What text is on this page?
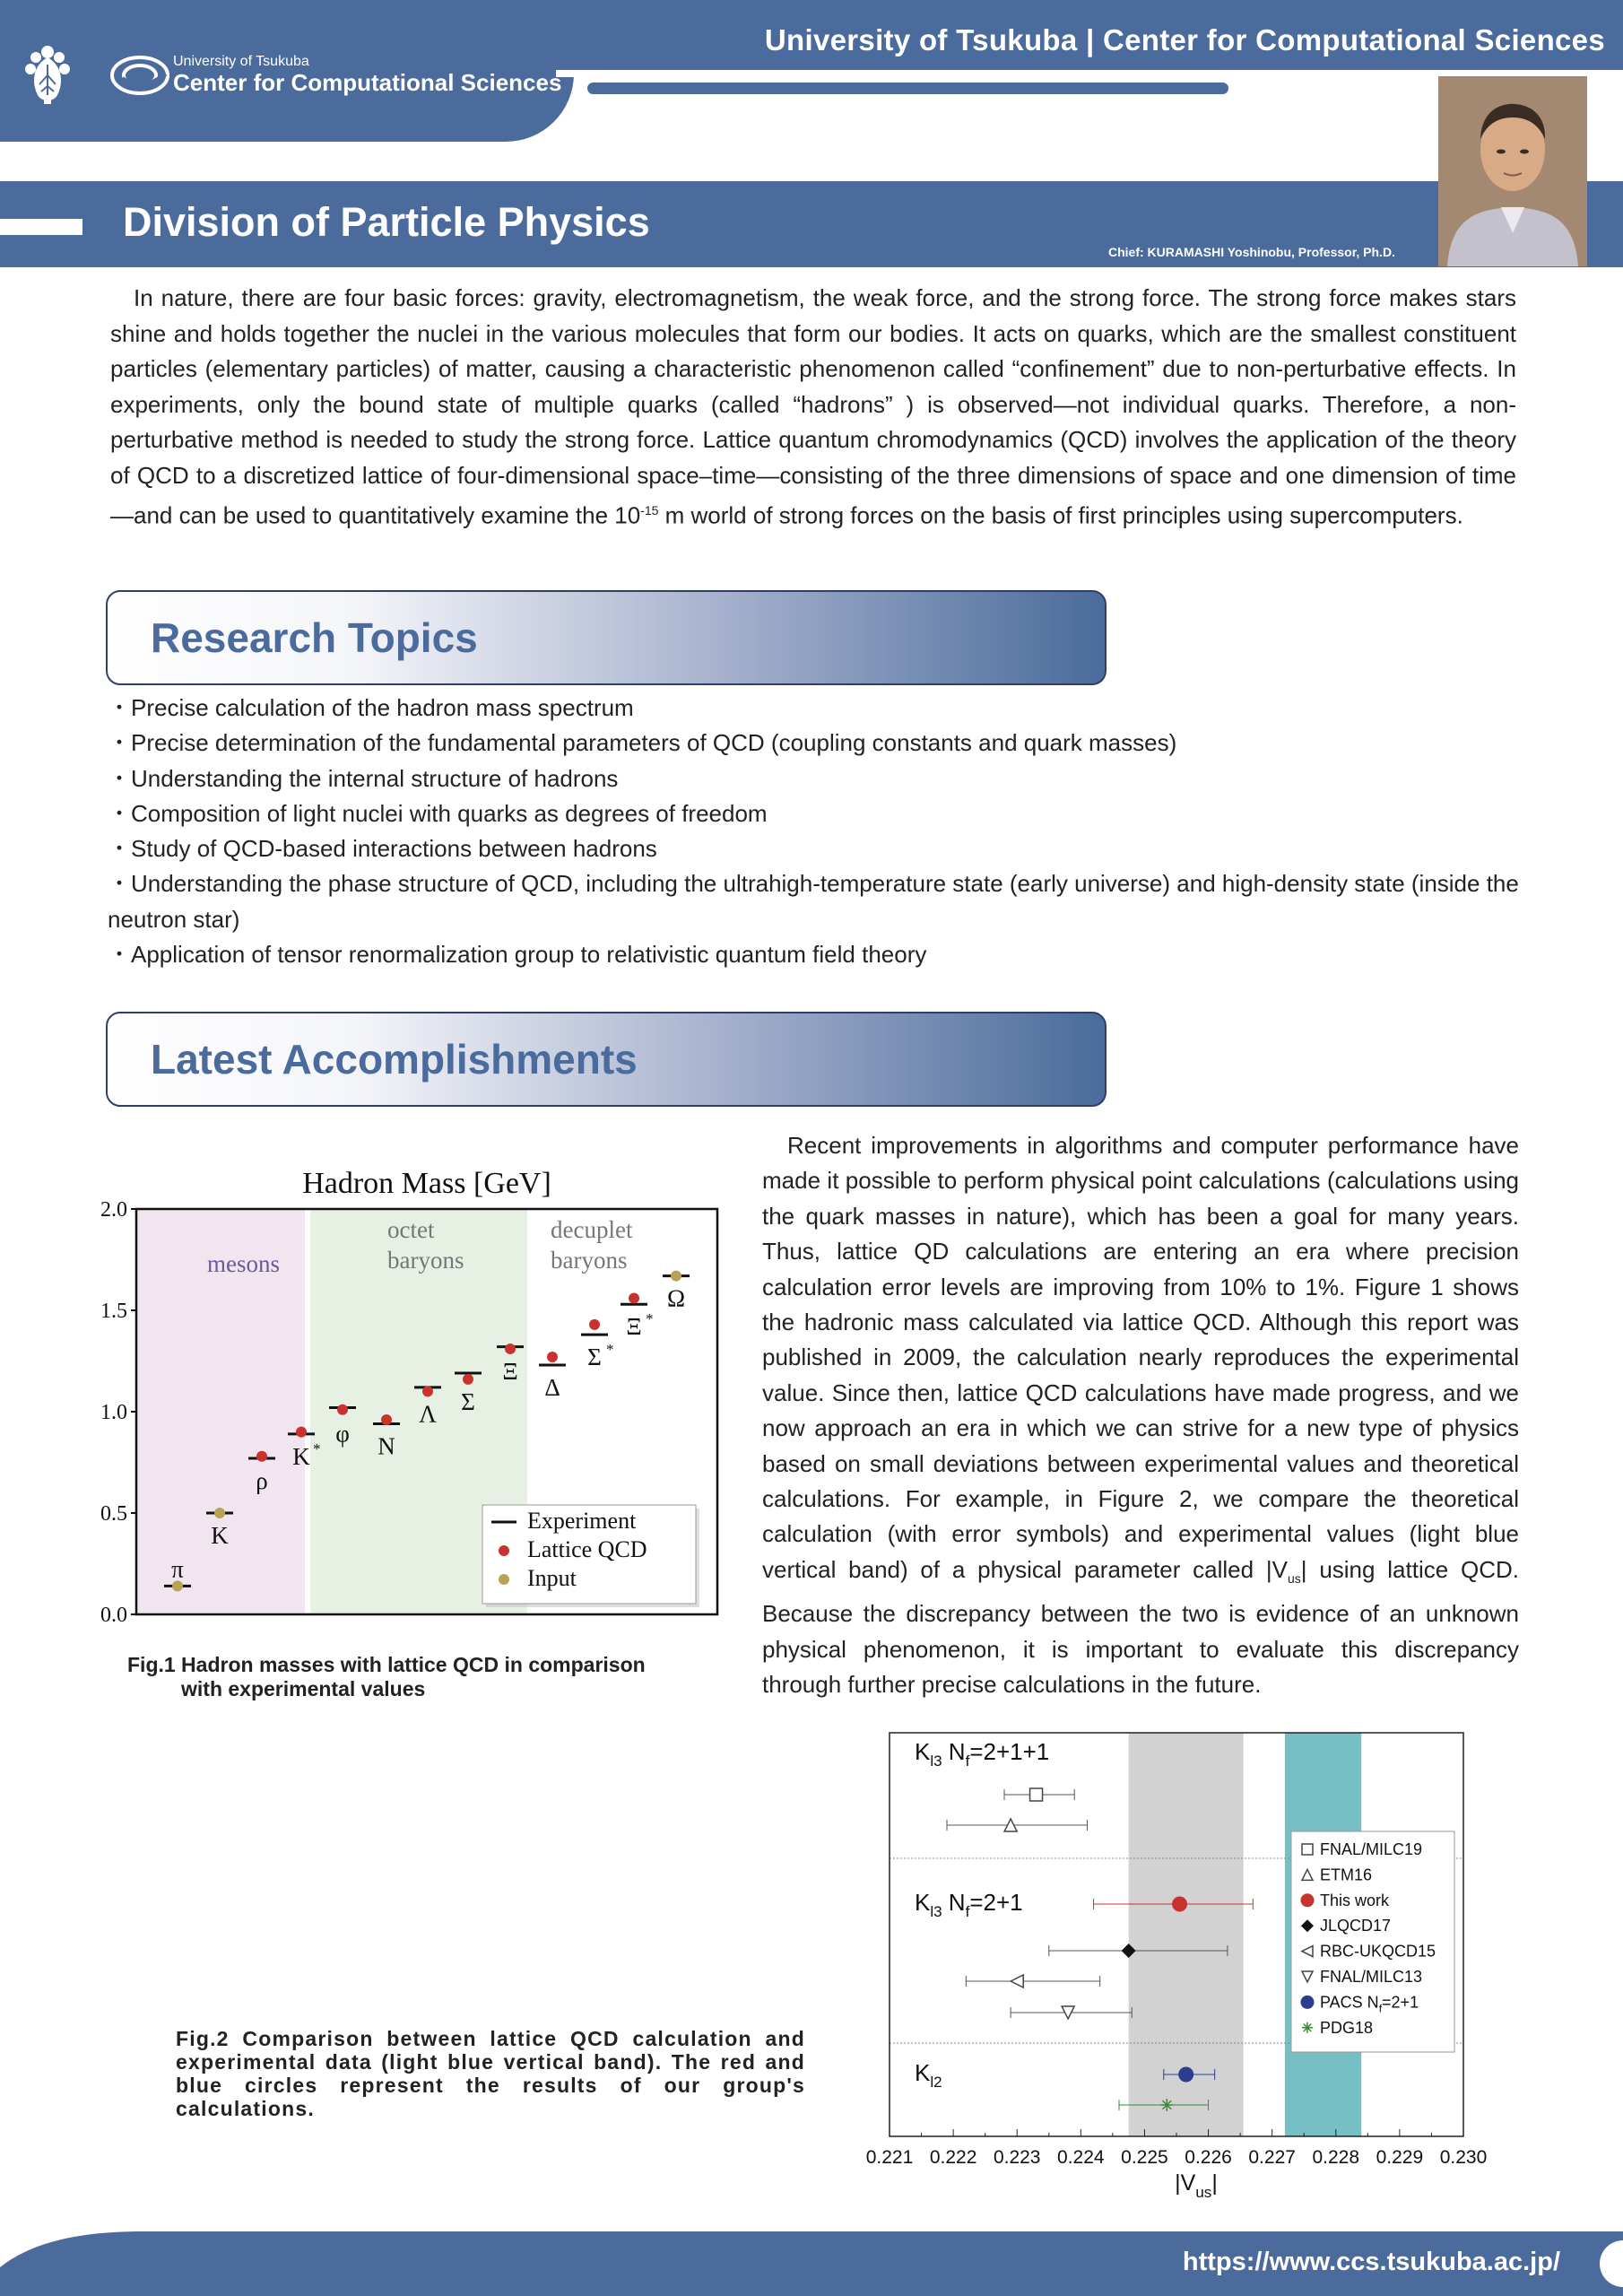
University of Tsukuba | Center for Computational Sciences
University of Tsukuba
Center for Computational Sciences
Division of Particle Physics
Chief: KURAMASHI Yoshinobu, Professor, Ph.D.

In nature, there are four basic forces: gravity, electromagnetism, the weak force, and the strong force. The strong force makes stars shine and holds together the nuclei in the various molecules that form our bodies. It acts on quarks, which are the smallest constituent particles (elementary particles) of matter, causing a characteristic phenomenon called “confinement” due to non-perturbative effects. In experiments, only the bound state of multiple quarks (called “hadrons” ) is observed—not individual quarks. Therefore, a non-perturbative method is needed to study the strong force. Lattice quantum chromodynamics (QCD) involves the application of the theory of QCD to a discretized lattice of four-dimensional space–time—consisting of the three dimensions of space and one dimension of time—and can be used to quantitatively examine the $10^{-15}$ m world of strong forces on the basis of first principles using supercomputers.

Research Topics
・Precise calculation of the hadron mass spectrum
・Precise determination of the fundamental parameters of QCD (coupling constants and quark masses)
・Understanding the internal structure of hadrons
・Composition of light nuclei with quarks as degrees of freedom
・Study of QCD-based interactions between hadrons
・Understanding the phase structure of QCD, including the ultrahigh-temperature state (early universe) and high-density state (inside the neutron star)
・Application of tensor renormalization group to relativistic quantum field theory
Latest Accomplishments

Recent improvements in algorithms and computer performance have made it possible to perform physical point calculations (calculations using the quark masses in nature), which has been a goal for many years. Thus, lattice QD calculations are entering an era where precision calculation error levels are improving from 10% to 1%. Figure 1 shows the hadronic mass calculated via lattice QCD. Although this report was published in 2009, the calculation nearly reproduces the experimental value. Since then, lattice QCD calculations have made progress, and we now approach an era in which we can strive for a new type of physics based on small deviations between experimental values and theoretical calculations. For example, in Figure 2, we compare the theoretical calculation (with error symbols) and experimental values (light blue vertical band) of a physical parameter called $|V_{us}|$ using lattice QCD. Because the discrepancy between the two is evidence of an unknown physical phenomenon, it is important to evaluate this discrepancy through further precise calculations in the future.

Hadron Mass [GeV]
mesons
octet
baryons
decuplet
baryons
0.0
0.5
1.0
1.5
2.0
π
K
ρ
K *
φ N
Λ Σ
Ξ
Δ
Σ *
Ξ *
Ω
Experiment
Lattice QCD
Input
Fig.1 Hadron masses with lattice QCD in comparison
with experimental values
$K_{l3}$ $N_f=2+1+1$
$K_{l3}$ $N_f=2+1$
$K_{l2}$
FNAL/MILC19
ETM16
This work
JLQCD17
RBC-UKQCD15
FNAL/MILC13
PACS $N_f=2+1$
PDG18
0.221 0.222 0.223 0.224 0.225 0.226 0.227 0.228 0.229 0.230
$|V_{us}|$
Fig.2 Comparison between lattice QCD calculation and experimental data (light blue vertical band). The red and blue circles represent the results of our group's calculations.
https://www.ccs.tsukuba.ac.jp/
